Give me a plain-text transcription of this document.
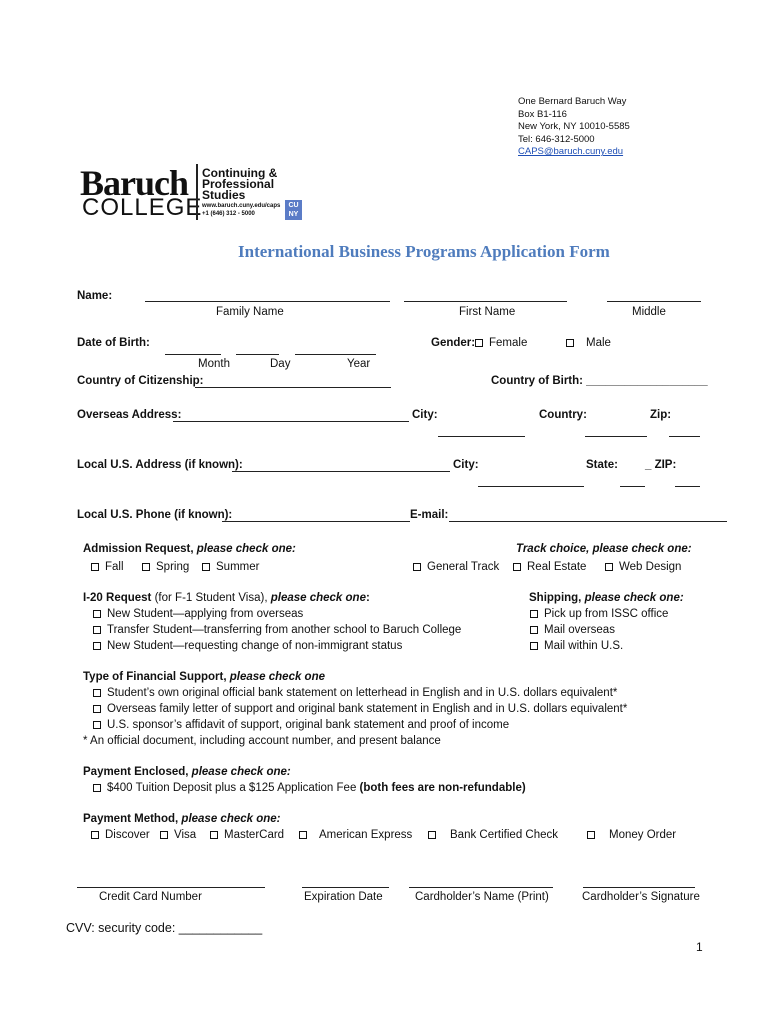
One Bernard Baruch Way
Box B1-116
New York, NY 10010-5585
Tel: 646-312-5000
CAPS@baruch.cuny.edu
Baruch
COLLEGE
Continuing &
Professional
Studies
www.baruch.cuny.edu/caps
+1 (646) 312 - 5000
CU
NY
International Business Programs Application Form
Name:
Family Name	First Name	Middle
Date of Birth:
Month	Day	Year
Gender:	Female	Male
Country of Citizenship:	Country of Birth: ___________________
Overseas Address:	City:	Country:	Zip:
Local U.S. Address (if known):	City:	State: _ ZIP:
Local U.S. Phone (if known):	E-mail:
Admission Request, please check one:
Fall	Spring	Summer
Track choice, please check one:
General Track	Real Estate	Web Design
I-20 Request (for F-1 Student Visa), please check one:
New Student—applying from overseas
Transfer Student—transferring from another school to Baruch College
New Student—requesting change of non-immigrant status
Shipping, please check one:
Pick up from ISSC office
Mail overseas
Mail within U.S.
Type of Financial Support, please check one
Student’s own original official bank statement on letterhead in English and in U.S. dollars equivalent*
Overseas family letter of support and original bank statement in English and in U.S. dollars equivalent*
U.S. sponsor’s affidavit of support, original bank statement and proof of income
* An official document, including account number, and present balance
Payment Enclosed, please check one:
$400 Tuition Deposit plus a $125 Application Fee (both fees are non-refundable)
Payment Method, please check one:
Discover	Visa	MasterCard	American Express	Bank Certified Check	Money Order
Credit Card Number	Expiration Date	Cardholder’s Name (Print)	Cardholder’s Signature
CVV: security code: ____________
1
